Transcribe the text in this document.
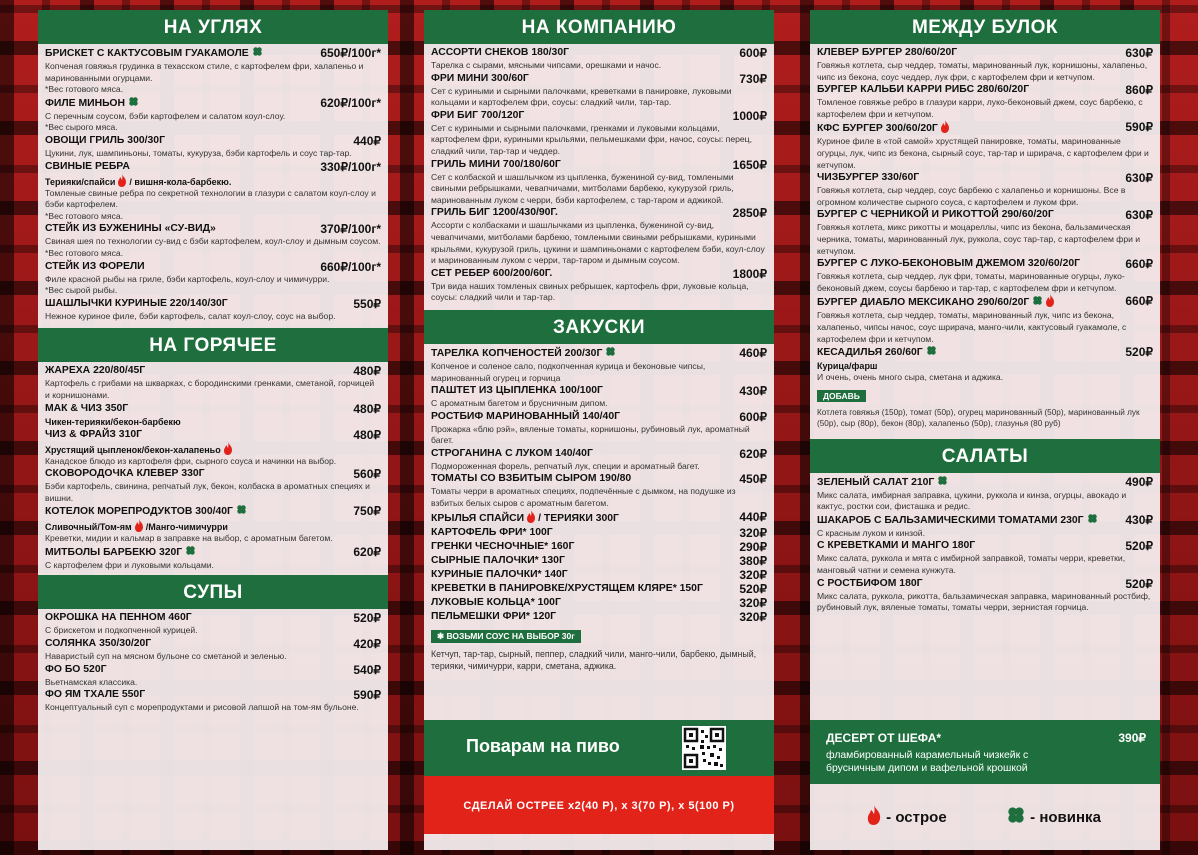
НА УГЛЯХ
БРИСКЕТ С КАКТУСОВЫМ ГУАКАМОЛЕ	650₽/100г*
Копченая говяжья грудинка в техасском стиле, с картофелем фри, халапеньо и маринованными огурцами.
*Вес готового мяса.
ФИЛЕ МИНЬОН	620₽/100г*
С перечным соусом, бэби картофелем и салатом коул-слоу.
*Вес сырого мяса.
ОВОЩИ ГРИЛЬ 300/30Г	440₽
Цукини, лук, шампиньоны, томаты, кукуруза, бэби картофель и соус тар-тар.
СВИНЫЕ РЕБРА	330₽/100г*
Терияки/спайси / вишня-кола-барбекю.
Томленые свиные ребра по секретной технологии в глазури с салатом коул-слоу и бэби картофелем.
*Вес готового мяса.
СТЕЙК ИЗ БУЖЕНИНЫ «СУ-ВИД»	370₽/100г*
Свиная шея по технологии су-вид с бэби картофелем, коул-слоу и дымным соусом.
*Вес готового мяса.
СТЕЙК ИЗ ФОРЕЛИ	660₽/100г*
Филе красной рыбы на гриле, бэби картофель, коул-слоу и чимичурри.
*Вес сырой рыбы.
ШАШЛЫЧКИ КУРИНЫЕ 220/140/30Г	550₽
Нежное куриное филе, бэби картофель, салат коул-слоу, соус на выбор.
НА ГОРЯЧЕЕ
ЖАРЕХА 220/80/45Г	480₽
Картофель с грибами на шкварках, с бородинскими гренками, сметаной, горчицей и корнишонами.
МАК & ЧИЗ 350Г	480₽
Чикен-терияки/бекон-барбекю
ЧИЗ & ФРАЙЗ 310Г	480₽
Хрустящий цыпленок/бекон-халапеньо
Канадское блюдо из картофеля фри, сырного соуса и начинки на выбор.
СКОВОРОДОЧКА КЛЕВЕР 330Г	560₽
Бэби картофель, свинина, репчатый лук, бекон, колбаска в ароматных специях и вишни.
КОТЕЛОК МОРЕПРОДУКТОВ 300/40Г	750₽
Сливочный/Том-ям /Манго-чимичурри
Креветки, мидии и кальмар в заправке на выбор, с ароматным багетом.
МИТБОЛЫ БАРБЕКЮ 320Г	620₽
С картофелем фри и луковыми кольцами.
СУПЫ
ОКРОШКА НА ПЕННОМ 460Г	520₽
С брискетом и подкопченной курицей.
СОЛЯНКА 350/30/20Г	420₽
Наваристый суп на мясном бульоне со сметаной и зеленью.
ФО БО 520Г	540₽
Вьетнамская классика.
ФО ЯМ ТХАЛЕ 550Г	590₽
Концептуальный суп с морепродуктами и рисовой лапшой на том-ям бульоне.
НА КОМПАНИЮ
АССОРТИ СНЕКОВ 180/30Г	600₽
Тарелка с сырами, мясными чипсами, орешками и начос.
ФРИ МИНИ 300/60Г	730₽
Сет с куриными и сырными палочками, креветками в панировке, луковыми кольцами и картофелем фри, соусы: сладкий чили, тар-тар.
ФРИ БИГ 700/120Г	1000₽
Сет с куриными и сырными палочками, гренками и луковыми кольцами, картофелем фри, куриными крыльями, пельмешками фри, начос, соусы: перец, сладкий чили, тар-тар и чеддер.
ГРИЛЬ МИНИ 700/180/60Г	1650₽
Сет с колбаской и шашлычком из цыпленка, бужениной су-вид, томлеными свиными ребрышками, чевапчичами, митболами барбекю, кукурузой гриль, маринованным луком с черри, бэби картофелем, с тар-таром и аджикой.
ГРИЛЬ БИГ 1200/430/90Г.	2850₽
Ассорти с колбасками и шашлычками из цыпленка, бужениной су-вид, чевапчичами, митболами барбекю, томлеными свиными ребрышками, куриными крыльями, кукурузой гриль, цукини и шампиньонами с картофелем бэби, коул-слоу и маринованным луком с черри, тар-таром и дымным соусом.
СЕТ РЕБЕР 600/200/60Г.	1800₽
Три вида наших томленых свиных ребрышек, картофель фри, луковые кольца, соусы: сладкий чили и тар-тар.
ЗАКУСКИ
ТАРЕЛКА КОПЧЕНОСТЕЙ 200/30Г	460₽
Копченое и соленое сало, подкопченная курица и беконовые чипсы, маринованный огурец и горчица
ПАШТЕТ ИЗ ЦЫПЛЕНКА 100/100Г	430₽
С ароматным багетом и брусничным дипом.
РОСТБИФ МАРИНОВАННЫЙ 140/40Г	600₽
Прожарка «блю рэй», вяленые томаты, корнишоны, рубиновый лук, ароматный багет.
СТРОГАНИНА С ЛУКОМ 140/40Г	620₽
Подмороженная форель, репчатый лук, специи и ароматный багет.
ТОМАТЫ СО ВЗБИТЫМ СЫРОМ 190/80	450₽
Томаты черри в ароматных специях, подпечённые с дымком, на подушке из взбитых белых сыров с ароматным багетом.
КРЫЛЬЯ СПАЙСИ / ТЕРИЯКИ 300Г	440₽
КАРТОФЕЛЬ ФРИ* 100Г	320₽
ГРЕНКИ ЧЕСНОЧНЫЕ* 160Г	290₽
СЫРНЫЕ ПАЛОЧКИ* 130Г	380₽
КУРИНЫЕ ПАЛОЧКИ* 140Г	320₽
КРЕВЕТКИ В ПАНИРОВКЕ/ХРУСТЯЩЕМ КЛЯРЕ* 150Г	520₽
ЛУКОВЫЕ КОЛЬЦА* 100Г	320₽
ПЕЛЬМЕШКИ ФРИ* 120Г	320₽
✱ ВОЗЬМИ СОУС НА ВЫБОР 30г
Кетчуп, тар-тар, сырный, пеппер, сладкий чили, манго-чили, барбекю, дымный, терияки, чимичурри, карри, сметана, аджика.
Поварам на пиво
СДЕЛАЙ ОСТРЕЕ х2(40 Р), х 3(70 Р), х 5(100 Р)
МЕЖДУ БУЛОК
КЛЕВЕР БУРГЕР 280/60/20Г	630₽
Говяжья котлета, сыр чеддер, томаты, маринованный лук, корнишоны, халапеньо, чипс из бекона, соус чеддер, лук фри, с картофелем фри и кетчупом.
БУРГЕР КАЛЬБИ КАРРИ РИБС 280/60/20Г	860₽
Томленое говяжье ребро в глазури карри, луко-беконовый джем, соус барбекю, с картофелем фри и кетчупом.
КФС БУРГЕР 300/60/20Г	590₽
Куриное филе в «той самой» хрустящей панировке, томаты, маринованные огурцы, лук, чипс из бекона, сырный соус, тар-тар и шрирача, с картофелем фри и кетчупом.
ЧИЗБУРГЕР 330/60Г	630₽
Говяжья котлета, сыр чеддер, соус барбекю с халапеньо и корнишоны. Все в огромном количестве сырного соуса, с картофелем и луком фри.
БУРГЕР С ЧЕРНИКОЙ И РИКОТТОЙ 290/60/20Г	630₽
Говяжья котлета, микс рикотты и моцареллы, чипс из бекона, бальзамическая черника, томаты, маринованный лук, руккола, соус тар-тар, с картофелем фри и кетчупом.
БУРГЕР С ЛУКО-БЕКОНОВЫМ ДЖЕМОМ 320/60/20Г	660₽
Говяжья котлета, сыр чеддер, лук фри, томаты, маринованные огурцы, луко-беконовый джем, соусы барбекю и тар-тар, с картофелем фри и кетчупом.
БУРГЕР ДИАБЛО МЕКСИКАНО 290/60/20Г	660₽
Говяжья котлета, сыр чеддер, томаты, маринованный лук, чипс из бекона, халапеньо, чипсы начос, соус шрирача, манго-чили, кактусовый гуакамоле, с картофелем фри и кетчупом.
КЕСАДИЛЬЯ 260/60Г	520₽
Курица/фарш
И очень, очень много сыра, сметана и аджика.
ДОБАВЬ
Котлета говяжья (150р), томат (50р), огурец маринованный (50р), маринованный лук (50р), сыр (80р), бекон (80р), халапеньо (50р), глазунья (80 руб)
САЛАТЫ
ЗЕЛЕНЫЙ САЛАТ 210Г	490₽
Микс салата, имбирная заправка, цукини, руккола и кинза, огурцы, авокадо и кактус, ростки сои, фисташка и редис.
ШАКАРОБ С БАЛЬЗАМИЧЕСКИМИ ТОМАТАМИ 230Г	430₽
С красным луком и кинзой.
С КРЕВЕТКАМИ И МАНГО 180Г	520₽
Микс салата, руккола и мята с имбирной заправкой, томаты черри, креветки, манговый чатни и семена кунжута.
С РОСТБИФОМ 180Г	520₽
Микс салата, руккола, рикотта, бальзамическая заправка, маринованный ростбиф, рубиновый лук, вяленые томаты, томаты черри, зернистая горчица.
ДЕСЕРТ ОТ ШЕФА*	390₽
фламбированный карамельный чизкейк с брусничным дипом и вафельной крошкой
- острое	- новинка
